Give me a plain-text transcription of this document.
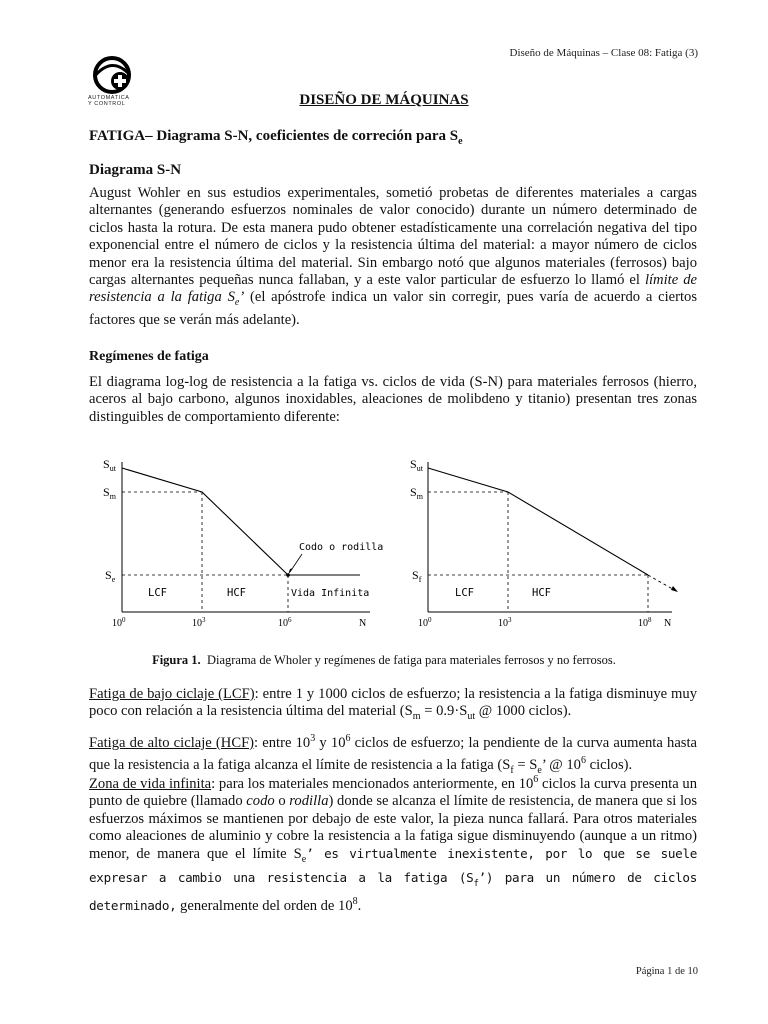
Diseño de Máquinas – Clase 08: Fatiga (3)
AUTOMATICA
Y CONTROL	DISEÑO DE MÁQUINAS
FATIGA– Diagrama S-N, coeficientes de correción para $S_e$
Diagrama S-N

August Wohler en sus estudios experimentales, sometió probetas de diferentes materiales a cargas alternantes (generando esfuerzos nominales de valor conocido) durante un número determinado de ciclos hasta la rotura. De esta manera pudo obtener estadísticamente una correlación negativa del tipo exponencial entre el número de ciclos y la resistencia última del material: a mayor número de ciclos menor era la resistencia última del material. Sin embargo notó que algunos materiales (ferrosos) bajo cargas alternantes pequeñas nunca fallaban, y a este valor particular de esfuerzo lo llamó el límite de resistencia a la fatiga $S_e$’ (el apóstrofe indica un valor sin corregir, pues varía de acuerdo a ciertos factores que se verán más adelante).

Regímenes de fatiga

El diagrama log-log de resistencia a la fatiga vs. ciclos de vida (S-N) para materiales ferrosos (hierro, aceros al bajo carbono, algunos inoxidables, aleaciones de molibdeno y titanio) presentan tres zonas distinguibles de comportamiento diferente:

$S_{ut}$
$S_m$
$S_e$
$10^0$	$10^3$	$10^6$	N
LCF	HCF	Vida Infinita
Codo o rodilla
$S_{ut}$
$S_m$
$S_f$
$10^0$	$10^3$	$10^8$ N
LCF	HCF
Figura 1. Diagrama de Wholer y regímenes de fatiga para materiales ferrosos y no ferrosos.

Fatiga de bajo ciclaje (LCF): entre 1 y 1000 ciclos de esfuerzo; la resistencia a la fatiga disminuye muy poco con relación a la resistencia última del material ($S_m = 0.9\cdot S_{ut}$ @ 1000 ciclos).

Fatiga de alto ciclaje (HCF): entre $10^3$ y $10^6$ ciclos de esfuerzo; la pendiente de la curva aumenta hasta que la resistencia a la fatiga alcanza el límite de resistencia a la fatiga ($S_f = S_e$’ @ $10^6$ ciclos).

Zona de vida infinita: para los materiales mencionados anteriormente, en $10^6$ ciclos la curva presenta un punto de quiebre (llamado codo o rodilla) donde se alcanza el límite de resistencia, de manera que si los esfuerzos máximos se mantienen por debajo de este valor, la pieza nunca fallará. Para otros materiales como aleaciones de aluminio y cobre la resistencia a la fatiga sigue disminuyendo (aunque a un ritmo) menor, de manera que el límite $S_e$’ es virtualmente inexistente, por lo que se suele expresar a cambio una resistencia a la fatiga $(S_f’)$ para un número de ciclos determinado, generalmente del orden de $10^8$.

Página 1 de 10
